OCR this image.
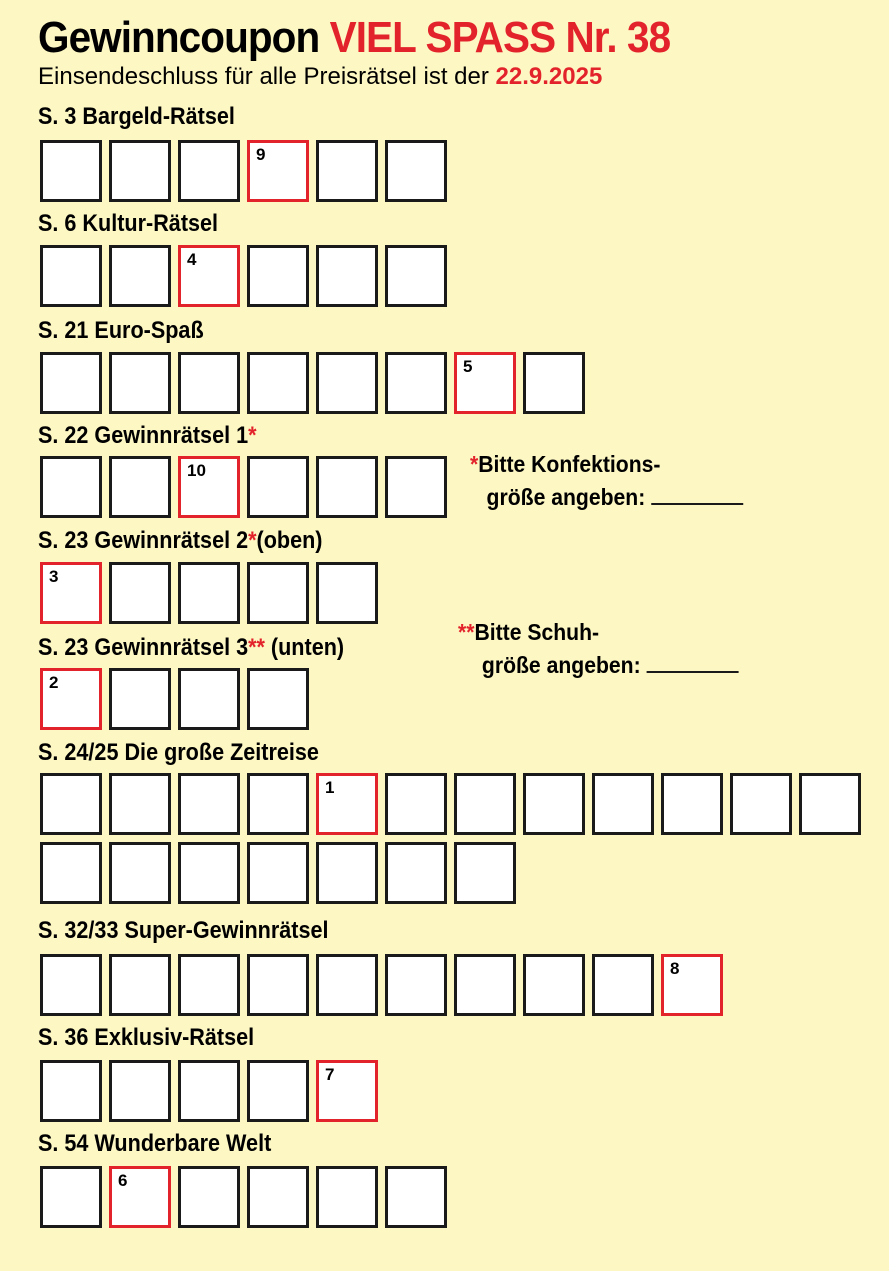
Gewinncoupon VIEL SPASS Nr. 38
Einsendeschluss für alle Preisrätsel ist der 22.9.2025
S. 3 Bargeld-Rätsel
9
S. 6 Kultur-Rätsel
4
S. 21 Euro-Spaß
5
S. 22 Gewinnrätsel 1*
10	*Bitte Konfektions-
größe angeben:
S. 23 Gewinnrätsel 2*(oben)
3
**Bitte Schuh-
größe angeben:
S. 23 Gewinnrätsel 3** (unten)
2
S. 24/25 Die große Zeitreise
1
S. 32/33 Super-Gewinnrätsel
8
S. 36 Exklusiv-Rätsel
7
S. 54 Wunderbare Welt
6
